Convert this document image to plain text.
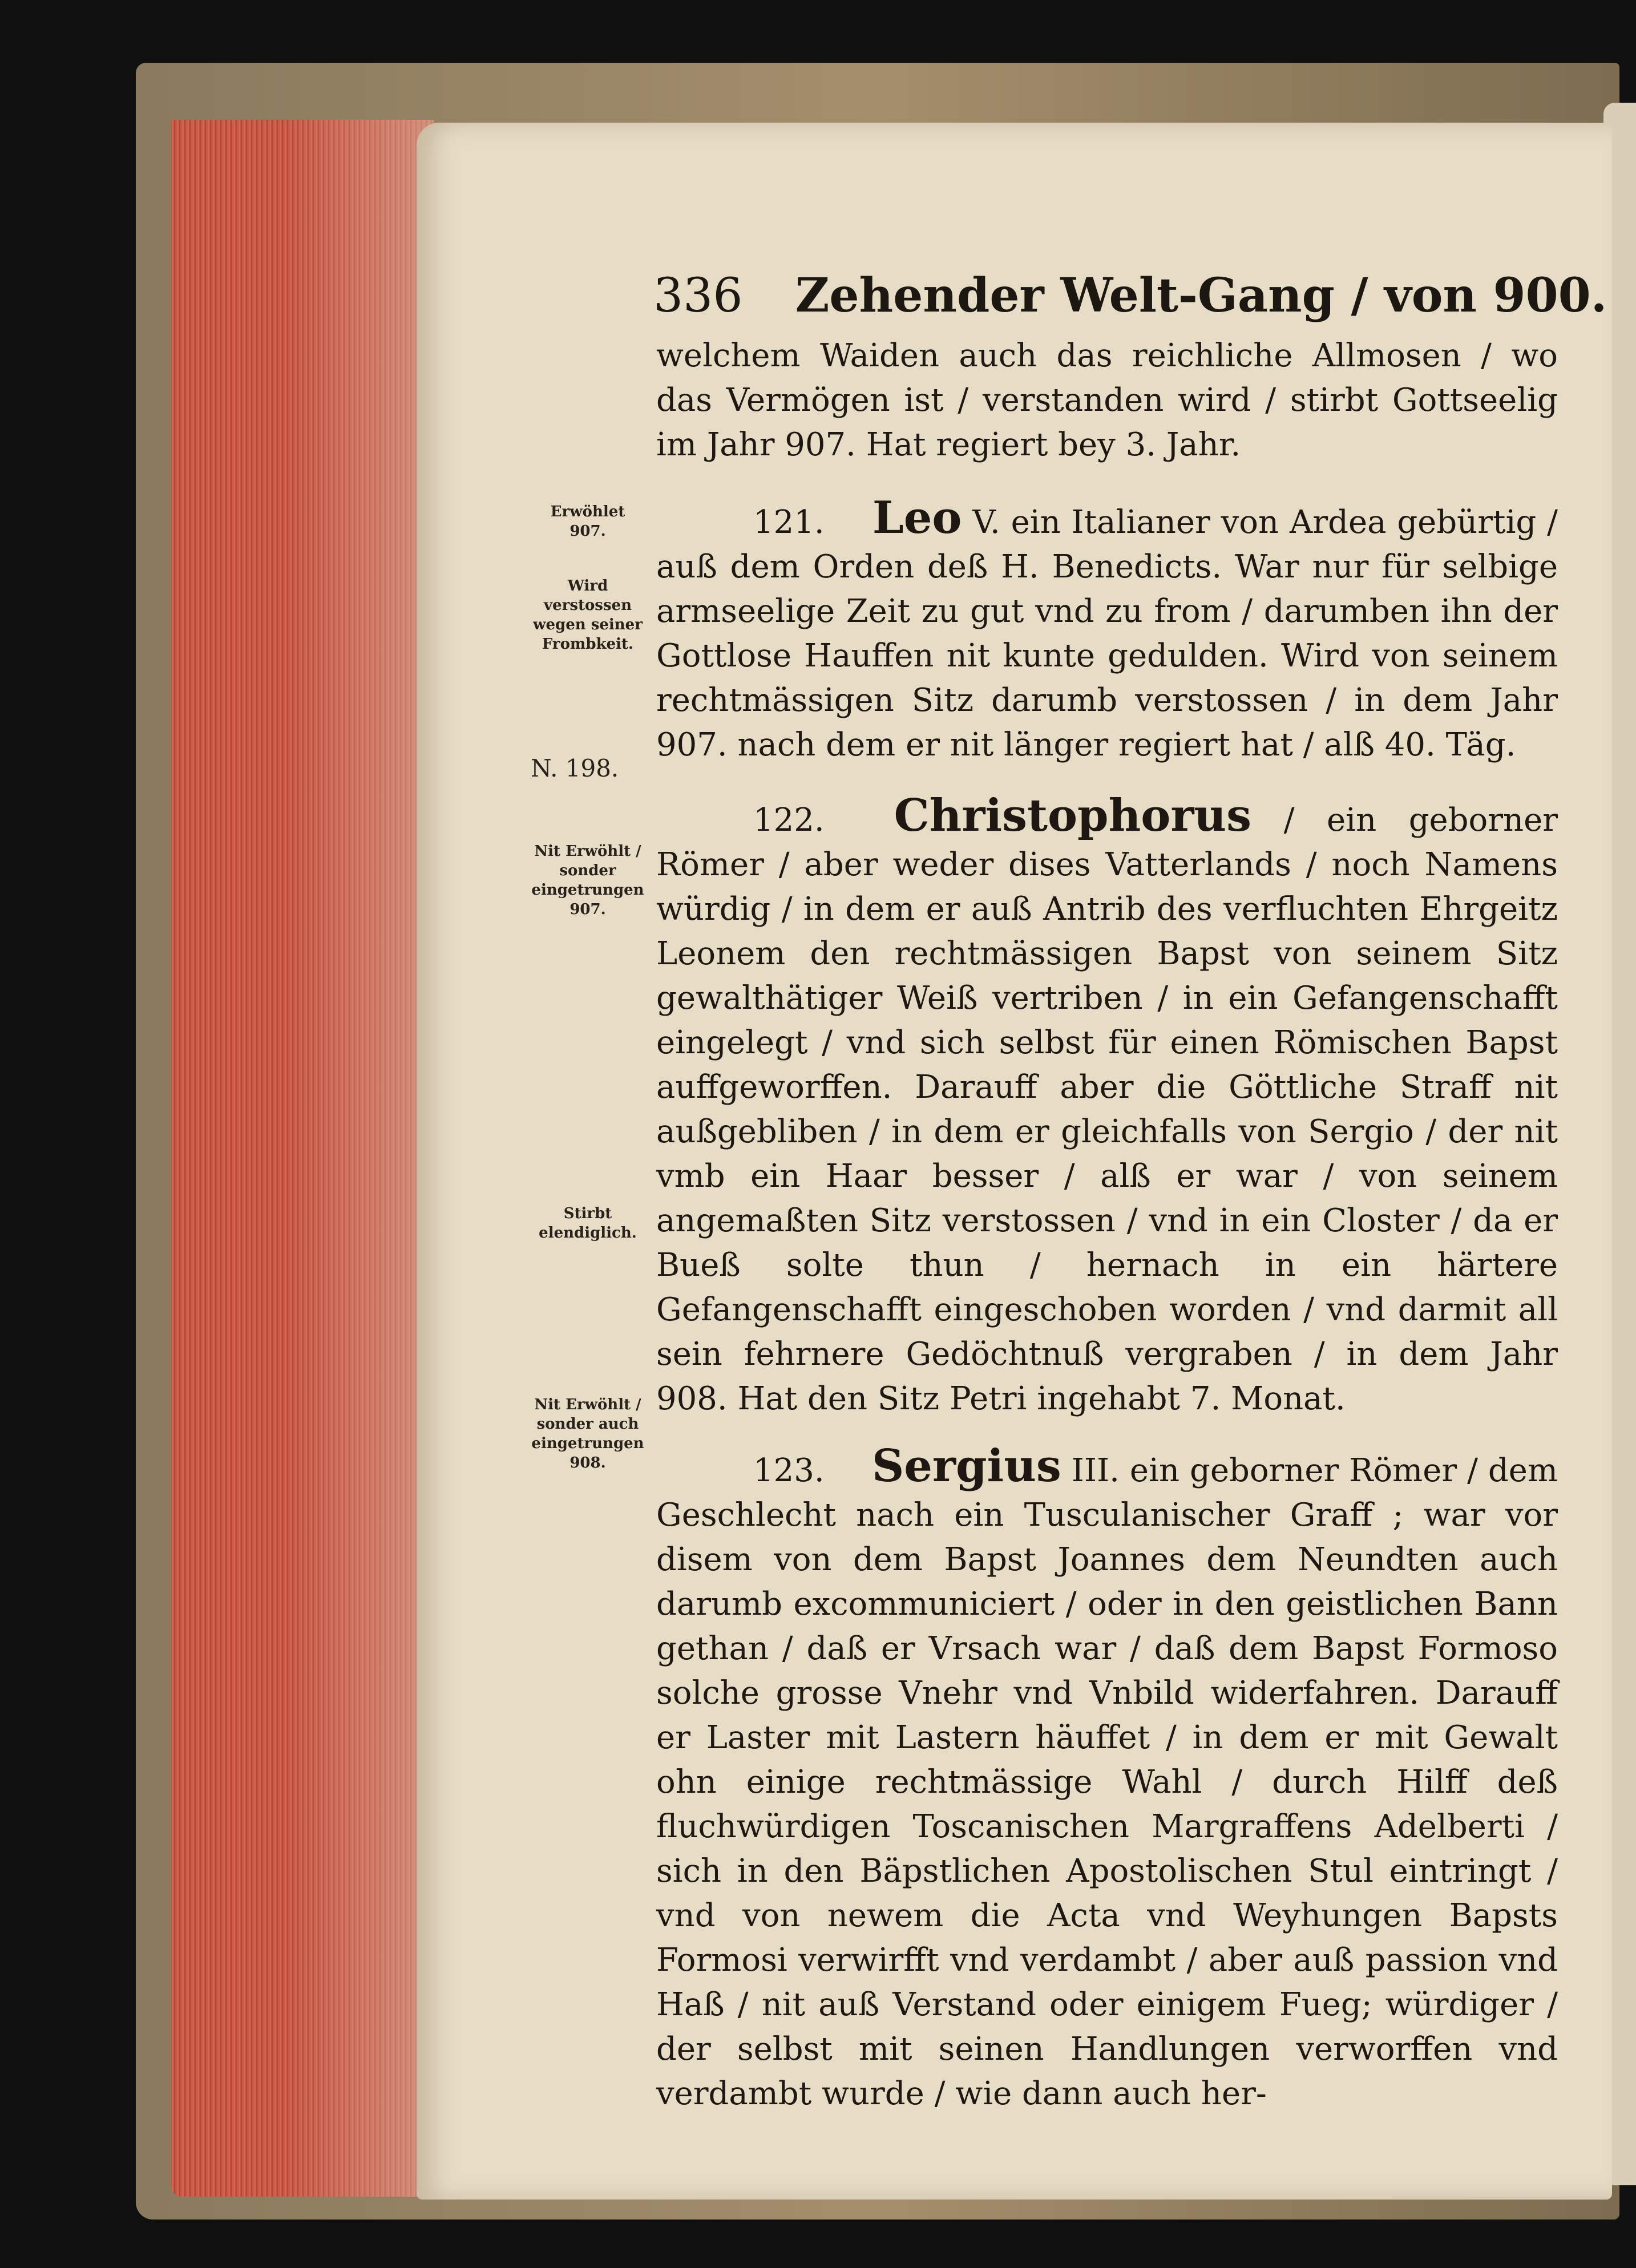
336 Zehender Welt-Gang / von 900.

welchem Waiden auch das reichliche Allmosen / wo das Vermögen ist / verstanden wird / stirbt Gottseelig im Jahr 907. Hat regiert bey 3. Jahr.

121. Leo V. ein Italianer von Ardea gebürtig / auß dem Orden deß H. Benedicts. War nur für selbige armseelige Zeit zu gut vnd zu from / darumben ihn der Gottlose Hauffen nit kunte gedulden. Wird von seinem rechtmässigen Sitz darumb verstossen / in dem Jahr 907. nach dem er nit länger regiert hat / alß 40. Täg.

122. Christophorus / ein geborner Römer / aber weder dises Vatterlands / noch Namens würdig / in dem er auß Antrib des verfluchten Ehrgeitz Leonem den rechtmässigen Bapst von seinem Sitz gewalthätiger Weiß vertriben / in ein Gefangenschafft eingelegt / vnd sich selbst für einen Römischen Bapst auffgeworffen. Darauff aber die Göttliche Straff nit außgebliben / in dem er gleichfalls von Sergio / der nit vmb ein Haar besser / alß er war / von seinem angemaßten Sitz verstossen / vnd in ein Closter / da er Bueß solte thun / hernach in ein härtere Gefangenschafft eingeschoben worden / vnd darmit all sein fehrnere Gedöchtnuß vergraben / in dem Jahr 908. Hat den Sitz Petri ingehabt 7. Monat.

123. Sergius III. ein geborner Römer / dem Geschlecht nach ein Tusculanischer Graff ; war vor disem von dem Bapst Joannes dem Neundten auch darumb excommuniciert / oder in den geistlichen Bann gethan / daß er Vrsach war / daß dem Bapst Formoso solche grosse Vnehr vnd Vnbild widerfahren. Darauff er Laster mit Lastern häuffet / in dem er mit Gewalt ohn einige rechtmässige Wahl / durch Hilff deß fluchwürdigen Toscanischen Margraffens Adelberti / sich in den Bäpstlichen Apostolischen Stul eintringt / vnd von newem die Acta vnd Weyhungen Bapsts Formosi verwirfft vnd verdambt / aber auß passion vnd Haß / nit auß Verstand oder einigem Fueg; würdiger / der selbst mit seinen Handlungen verworffen vnd verdambt wurde / wie dann auch her-

Erwöhlet 907.
Wird verstossen wegen seiner Frombkeit.
N. 198.
Nit Erwöhlt / sonder eingetrungen 907.
Stirbt elendiglich.
Nit Erwöhlt / sonder auch eingetrungen 908.
